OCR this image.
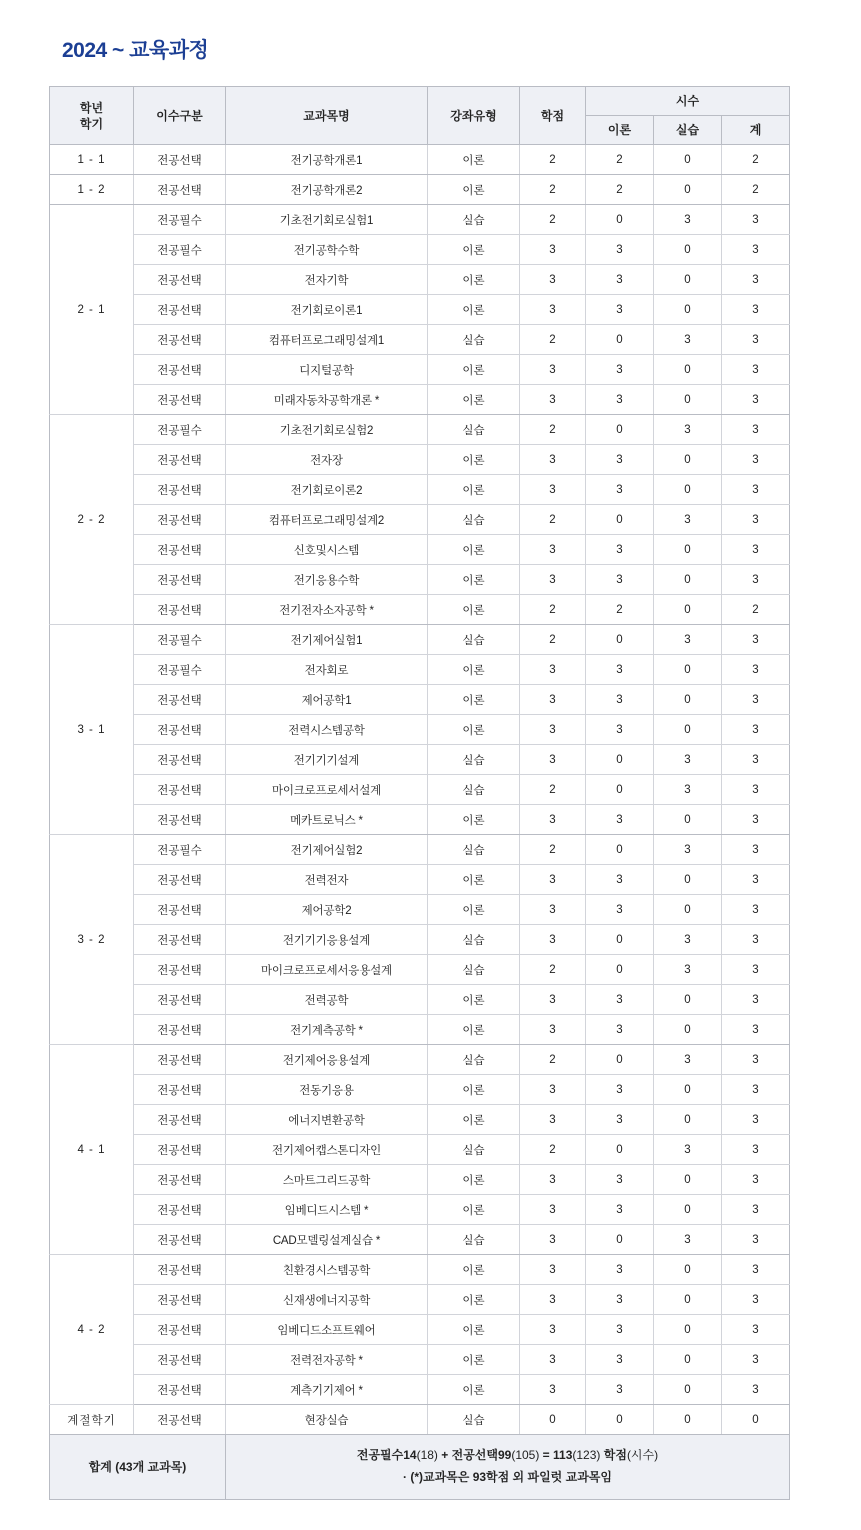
2024 ~ 교육과정
학년
학기	이수구분	교과목명	강좌유형	학점	시수		
					이론	실습	계
1 - 1	전공선택	전기공학개론1	이론	2	2	0	2
1 - 2	전공선택	전기공학개론2	이론	2	2	0	2
2 - 1	전공필수	기초전기회로실험1	실습	2	0	3	3
	전공필수	전기공학수학	이론	3	3	0	3
	전공선택	전자기학	이론	3	3	0	3
	전공선택	전기회로이론1	이론	3	3	0	3
	전공선택	컴퓨터프로그래밍설계1	실습	2	0	3	3
	전공선택	디지털공학	이론	3	3	0	3
	전공선택	미래자동차공학개론 *	이론	3	3	0	3
2 - 2	전공필수	기초전기회로실험2	실습	2	0	3	3
	전공선택	전자장	이론	3	3	0	3
	전공선택	전기회로이론2	이론	3	3	0	3
	전공선택	컴퓨터프로그래밍설계2	실습	2	0	3	3
	전공선택	신호및시스템	이론	3	3	0	3
	전공선택	전기응용수학	이론	3	3	0	3
	전공선택	전기전자소자공학 *	이론	2	2	0	2
3 - 1	전공필수	전기제어실험1	실습	2	0	3	3
	전공필수	전자회로	이론	3	3	0	3
	전공선택	제어공학1	이론	3	3	0	3
	전공선택	전력시스템공학	이론	3	3	0	3
	전공선택	전기기기설계	실습	3	0	3	3
	전공선택	마이크로프로세서설계	실습	2	0	3	3
	전공선택	메카트로닉스 *	이론	3	3	0	3
3 - 2	전공필수	전기제어실험2	실습	2	0	3	3
	전공선택	전력전자	이론	3	3	0	3
	전공선택	제어공학2	이론	3	3	0	3
	전공선택	전기기기응용설계	실습	3	0	3	3
	전공선택	마이크로프로세서응용설계	실습	2	0	3	3
	전공선택	전력공학	이론	3	3	0	3
	전공선택	전기계측공학 *	이론	3	3	0	3
4 - 1	전공선택	전기제어응용설계	실습	2	0	3	3
	전공선택	전동기응용	이론	3	3	0	3
	전공선택	에너지변환공학	이론	3	3	0	3
	전공선택	전기제어캡스톤디자인	실습	2	0	3	3
	전공선택	스마트그리드공학	이론	3	3	0	3
	전공선택	임베디드시스템 *	이론	3	3	0	3
	전공선택	CAD모델링설계실습 *	실습	3	0	3	3
4 - 2	전공선택	친환경시스템공학	이론	3	3	0	3
	전공선택	신재생에너지공학	이론	3	3	0	3
	전공선택	임베디드소프트웨어	이론	3	3	0	3
	전공선택	전력전자공학 *	이론	3	3	0	3
	전공선택	계측기기제어 *	이론	3	3	0	3
계절학기	전공선택	현장실습	실습	0	0	0	0
합계 (43개 교과목)		전공필수14(18) + 전공선택99(105) = 113(123) 학점(시수)
· (*)교과목은 93학점 외 파일럿 교과목임					
